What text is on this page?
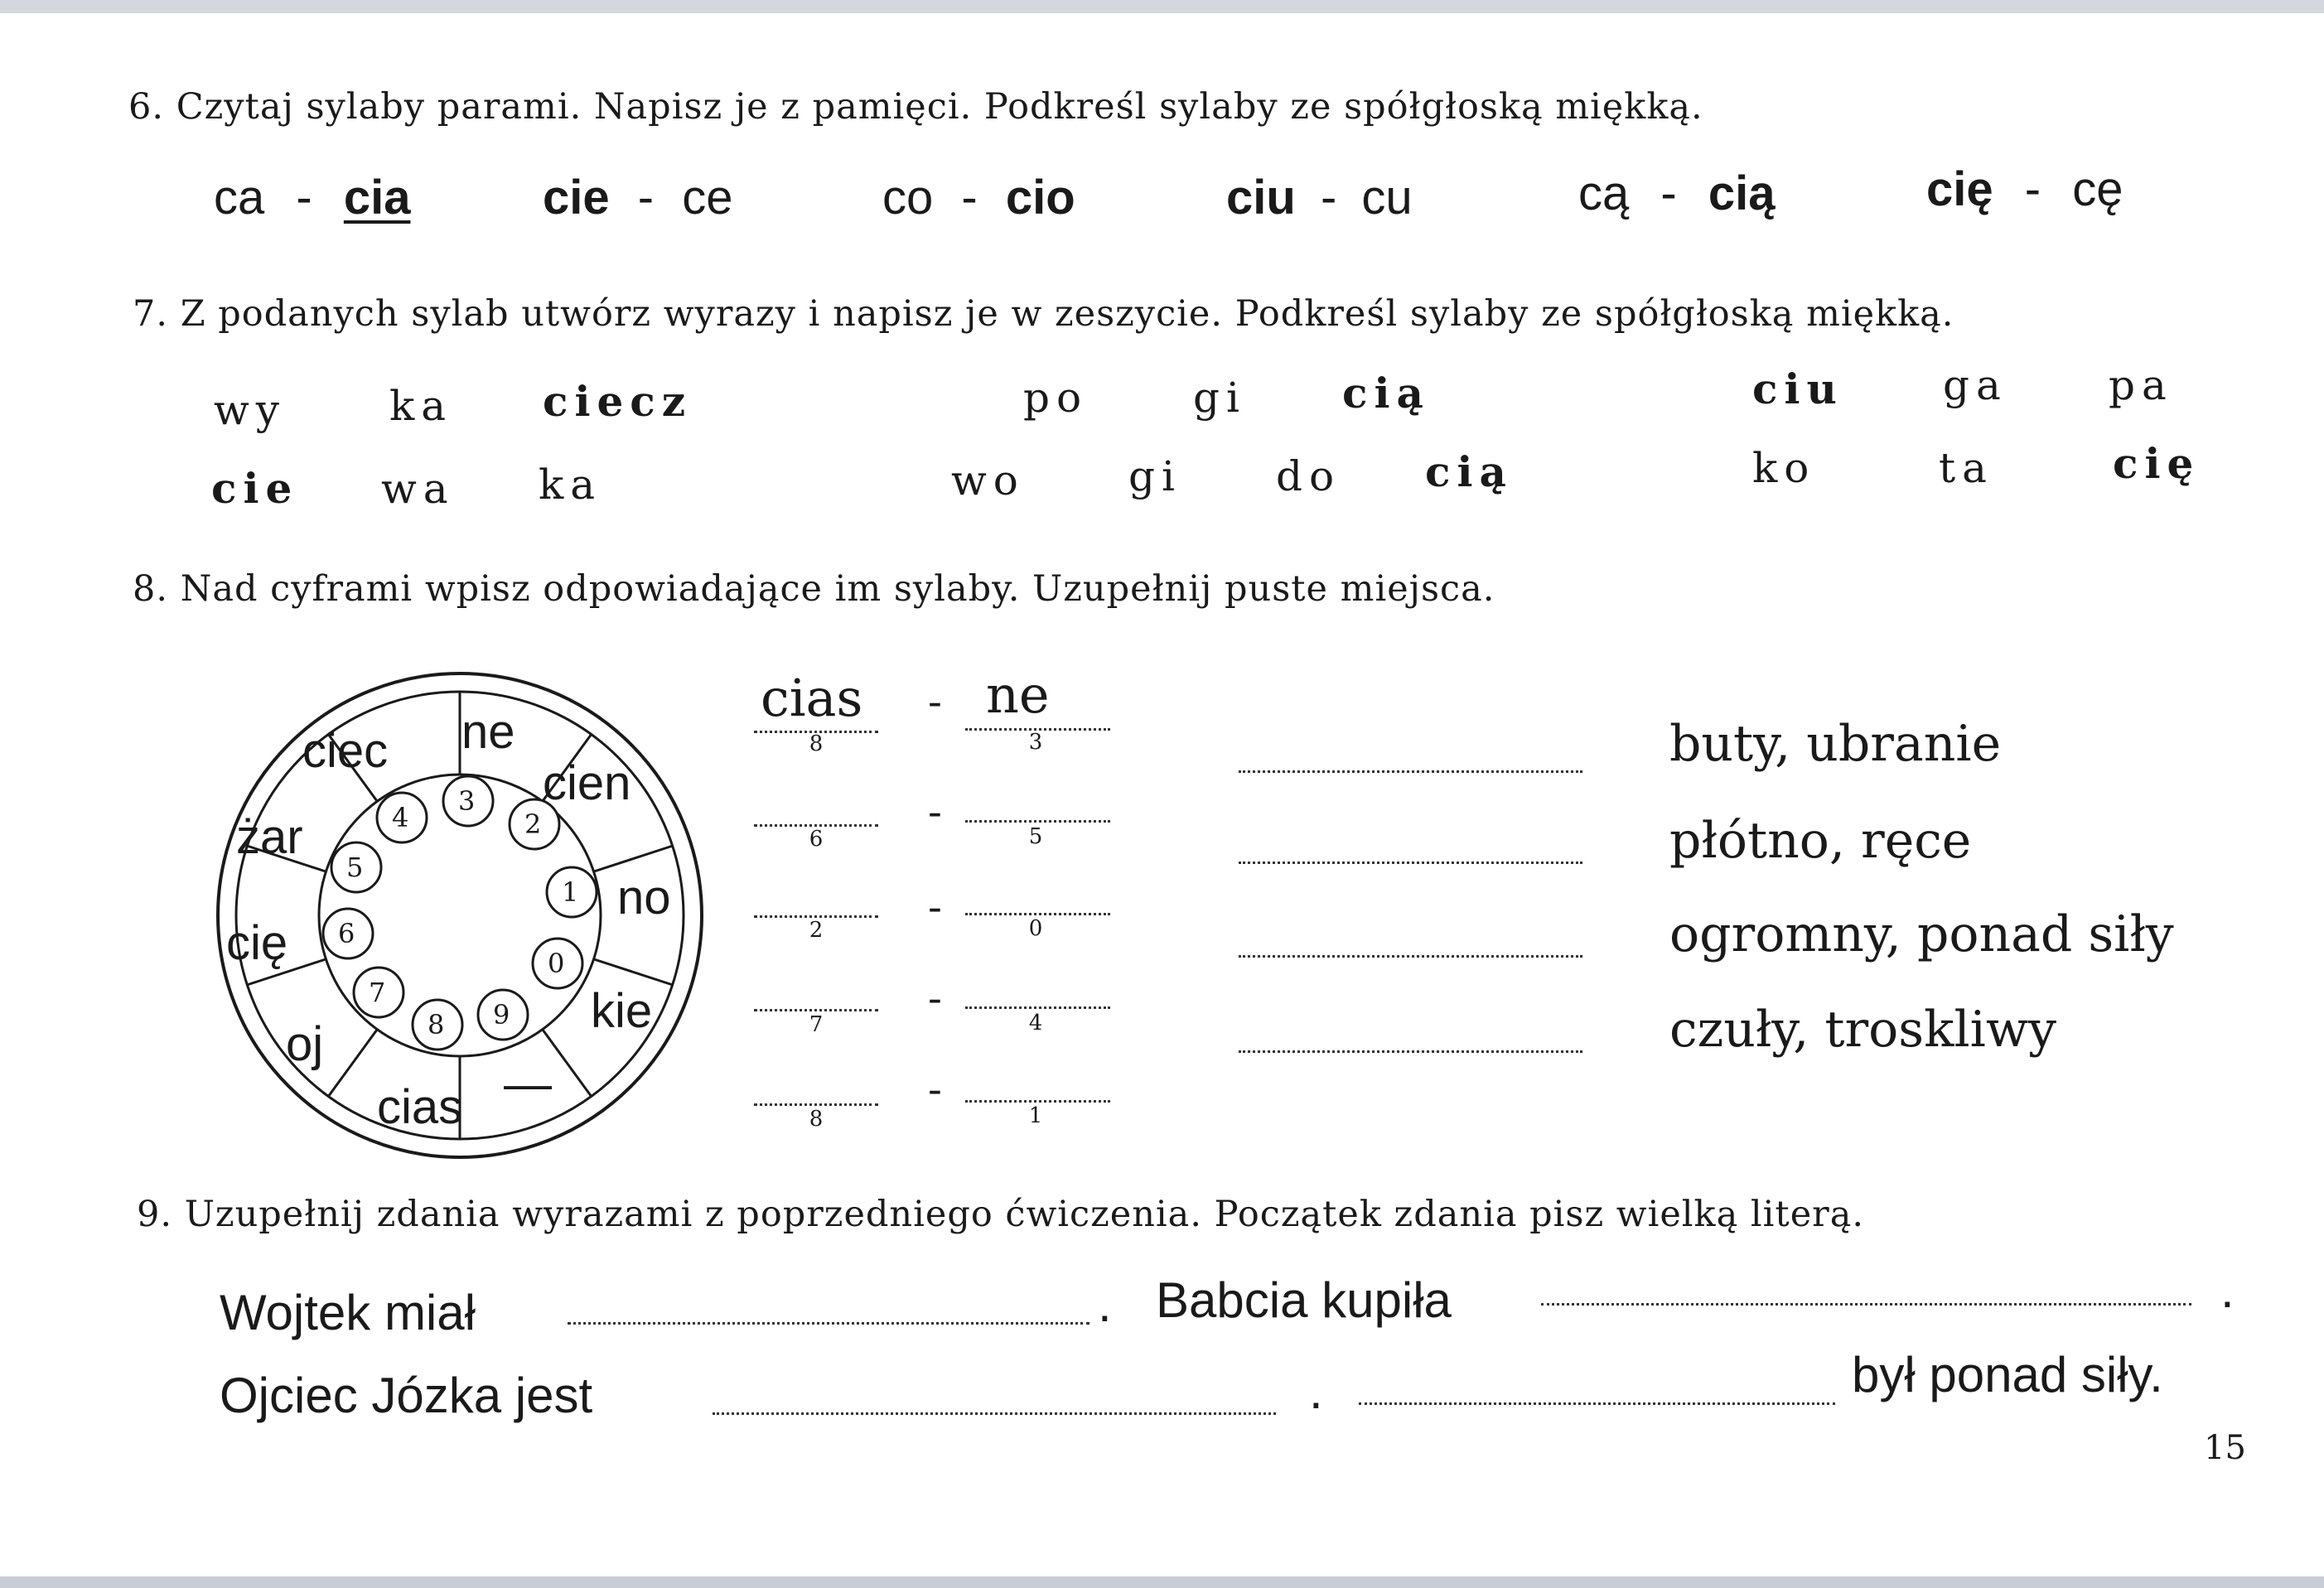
6. Czytaj sylaby parami. Napisz je z pamięci. Podkreśl sylaby ze spółgłoską miękką.
ca - cia	cie - ce	co - cio	ciu - cu	cą - cią	cię - cę
7. Z podanych sylab utwórz wyrazy i napisz je w zeszycie. Podkreśl sylaby ze spółgłoską miękką.
wy ka ciecz	po	gi cią	ciu ga pa
cie wa ka	wo	gi do cią	ko	ta	cię
8. Nad cyframi wpisz odpowiadające im sylaby. Uzupełnij puste miejsca.
1
2
3
4
5
6
7
8 9
0
ne
cien
no
kie
—
cias
oj
cię
żar
ciec
cias - ne
8	3
-
6	5
-
2	0
-
7	4
-
8	1
buty, ubranie
płótno, ręce
ogromny, ponad siły
czuły, troskliwy
9. Uzupełnij zdania wyrazami z poprzedniego ćwiczenia. Początek zdania pisz wielką literą.
Wojtek miał	. Babcia kupiła	.
Ojciec Józka jest	.	był ponad siły.
15
